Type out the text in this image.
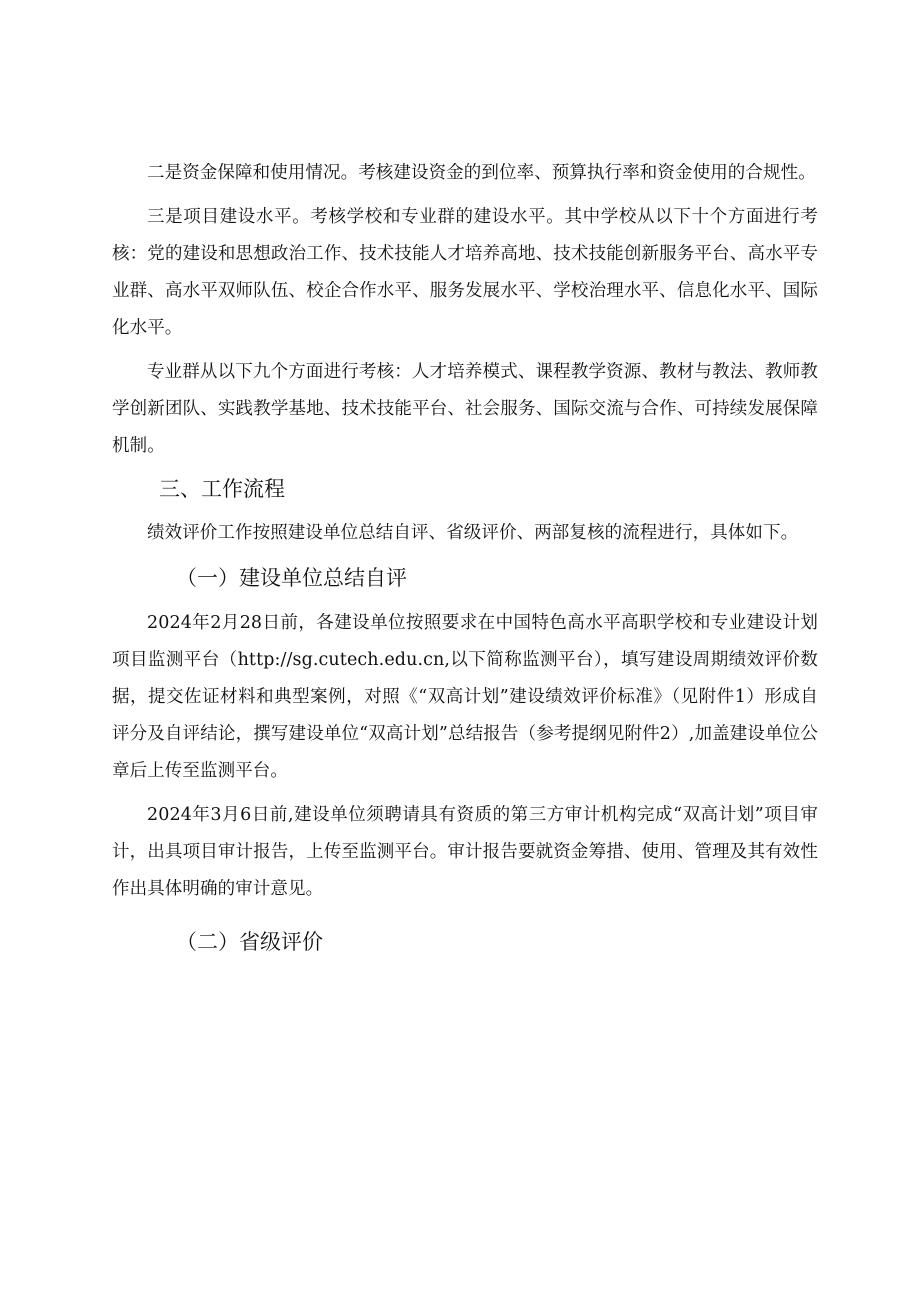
二是资金保障和使用情况。考核建设资金的到位率、预算执行率和资金使用的合规性。

三是项目建设水平。考核学校和专业群的建设水平。其中学校从以下十个方面进行考核：党的建设和思想政治工作、技术技能人才培养高地、技术技能创新服务平台、高水平专业群、高水平双师队伍、校企合作水平、服务发展水平、学校治理水平、信息化水平、国际化水平。

专业群从以下九个方面进行考核：人才培养模式、课程教学资源、教材与教法、教师教学创新团队、实践教学基地、技术技能平台、社会服务、国际交流与合作、可持续发展保障机制。

三、工作流程

绩效评价工作按照建设单位总结自评、省级评价、两部复核的流程进行，具体如下。

（一）建设单位总结自评

2024年2月28日前，各建设单位按照要求在中国特色高水平高职学校和专业建设计划项目监测平台（http://sg.cutech.edu.cn,以下简称监测平台），填写建设周期绩效评价数据，提交佐证材料和典型案例，对照《“双高计划”建设绩效评价标准》（见附件1）形成自评分及自评结论，撰写建设单位“双高计划”总结报告（参考提纲见附件2）,加盖建设单位公章后上传至监测平台。

2024年3月6日前,建设单位须聘请具有资质的第三方审计机构完成“双高计划”项目审计，出具项目审计报告，上传至监测平台。审计报告要就资金筹措、使用、管理及其有效性作出具体明确的审计意见。

（二）省级评价
